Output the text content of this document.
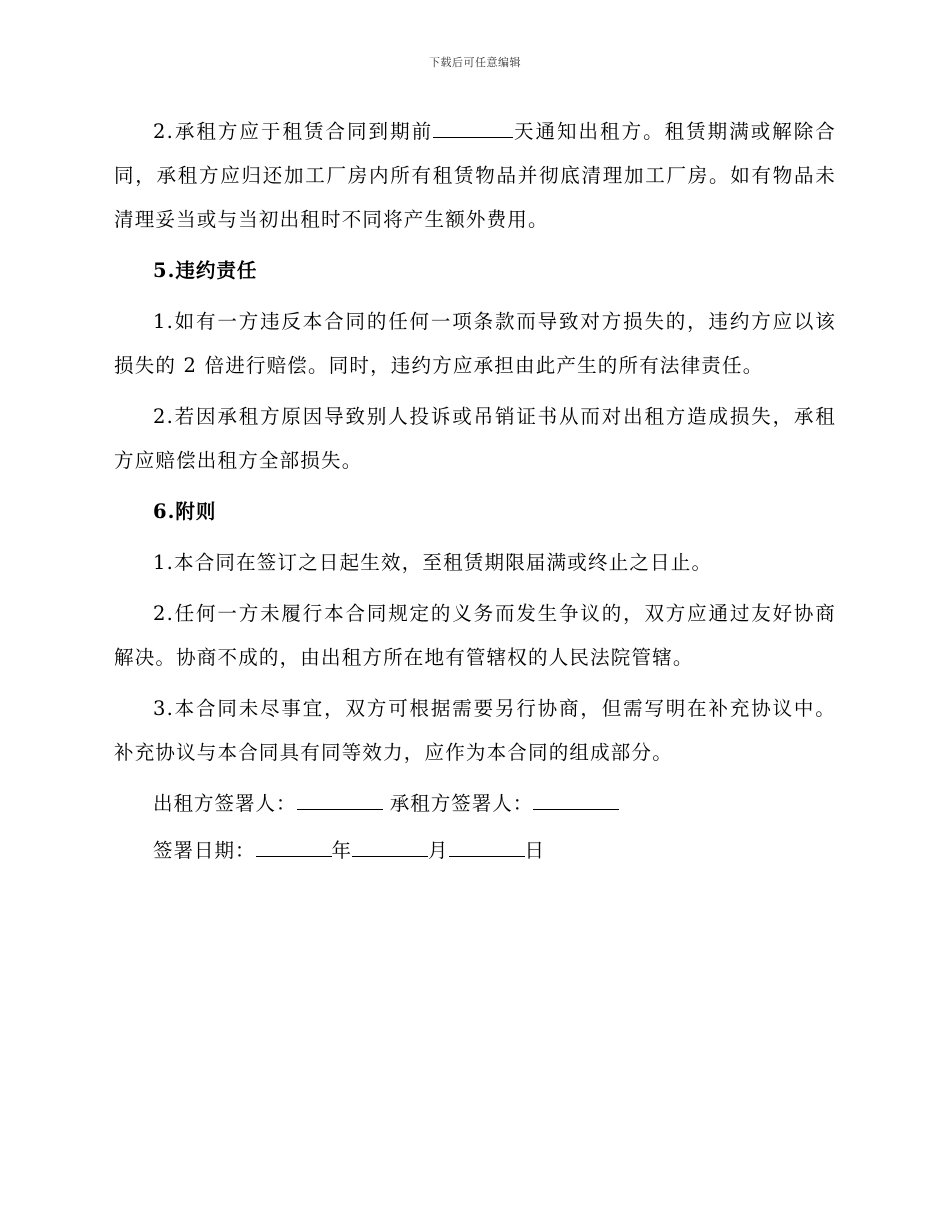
下载后可任意编辑

2.承租方应于租赁合同到期前	天通知出租方。租赁期满或解除合同，承租方应归还加工厂房内所有租赁物品并彻底清理加工厂房。如有物品未清理妥当或与当初出租时不同将产生额外费用。

5.违约责任

1.如有一方违反本合同的任何一项条款而导致对方损失的，违约方应以该损失的 2 倍进行赔偿。同时，违约方应承担由此产生的所有法律责任。

2.若因承租方原因导致别人投诉或吊销证书从而对出租方造成损失，承租方应赔偿出租方全部损失。

6.附则

1.本合同在签订之日起生效，至租赁期限届满或终止之日止。

2.任何一方未履行本合同规定的义务而发生争议的，双方应通过友好协商解决。协商不成的，由出租方所在地有管辖权的人民法院管辖。

3.本合同未尽事宜，双方可根据需要另行协商，但需写明在补充协议中。补充协议与本合同具有同等效力，应作为本合同的组成部分。

出租方签署人：	承租方签署人：

签署日期：	年	月	日
